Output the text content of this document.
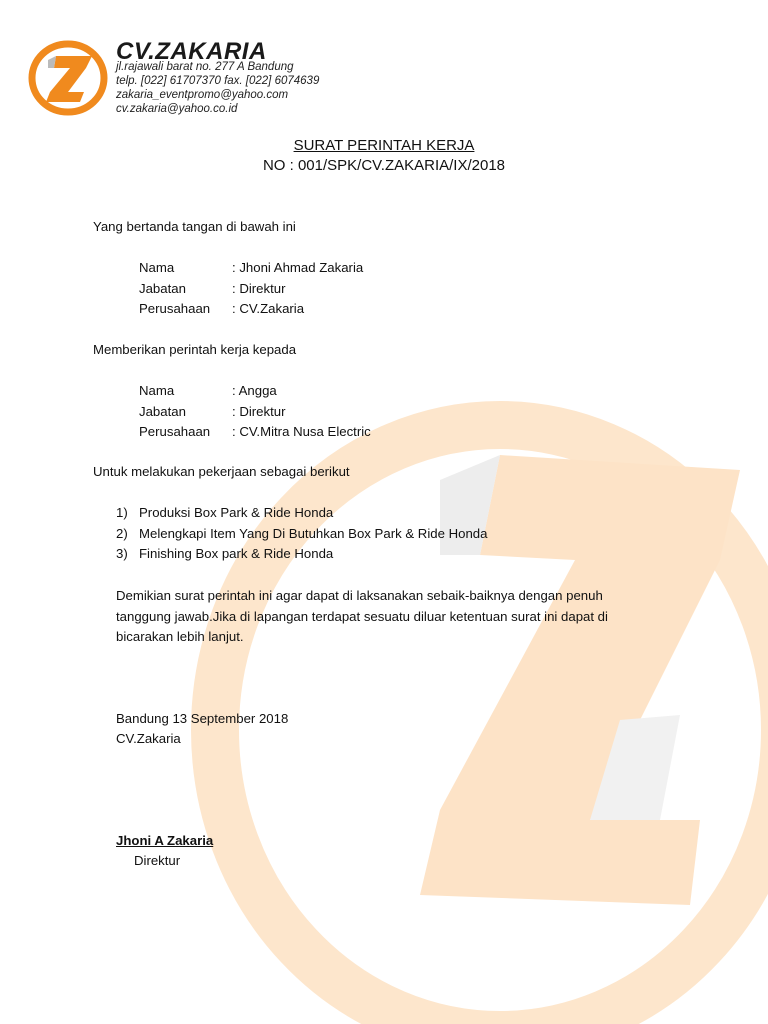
CV.ZAKARIA
jl.rajawali barat no. 277 A Bandung
telp. [022] 61707370 fax. [022] 6074639
zakaria_eventpromo@yahoo.com
cv.zakaria@yahoo.co.id
SURAT PERINTAH KERJA
NO : 001/SPK/CV.ZAKARIA/IX/2018
Yang bertanda tangan di bawah ini
Nama	: Jhoni Ahmad Zakaria
Jabatan	: Direktur
Perusahaan : CV.Zakaria
Memberikan perintah kerja kepada
Nama	: Angga
Jabatan	: Direktur
Perusahaan : CV.Mitra Nusa Electric
Untuk melakukan pekerjaan sebagai berikut
1) Produksi Box Park & Ride Honda
2) Melengkapi Item Yang Di Butuhkan Box Park & Ride Honda
3) Finishing Box park & Ride Honda
Demikian surat perintah ini agar dapat di laksanakan sebaik-baiknya dengan penuh
tanggung jawab.Jika di lapangan terdapat sesuatu diluar ketentuan surat ini dapat di
bicarakan lebih lanjut.
Bandung 13 September 2018
CV.Zakaria
Jhoni A Zakaria
Direktur
